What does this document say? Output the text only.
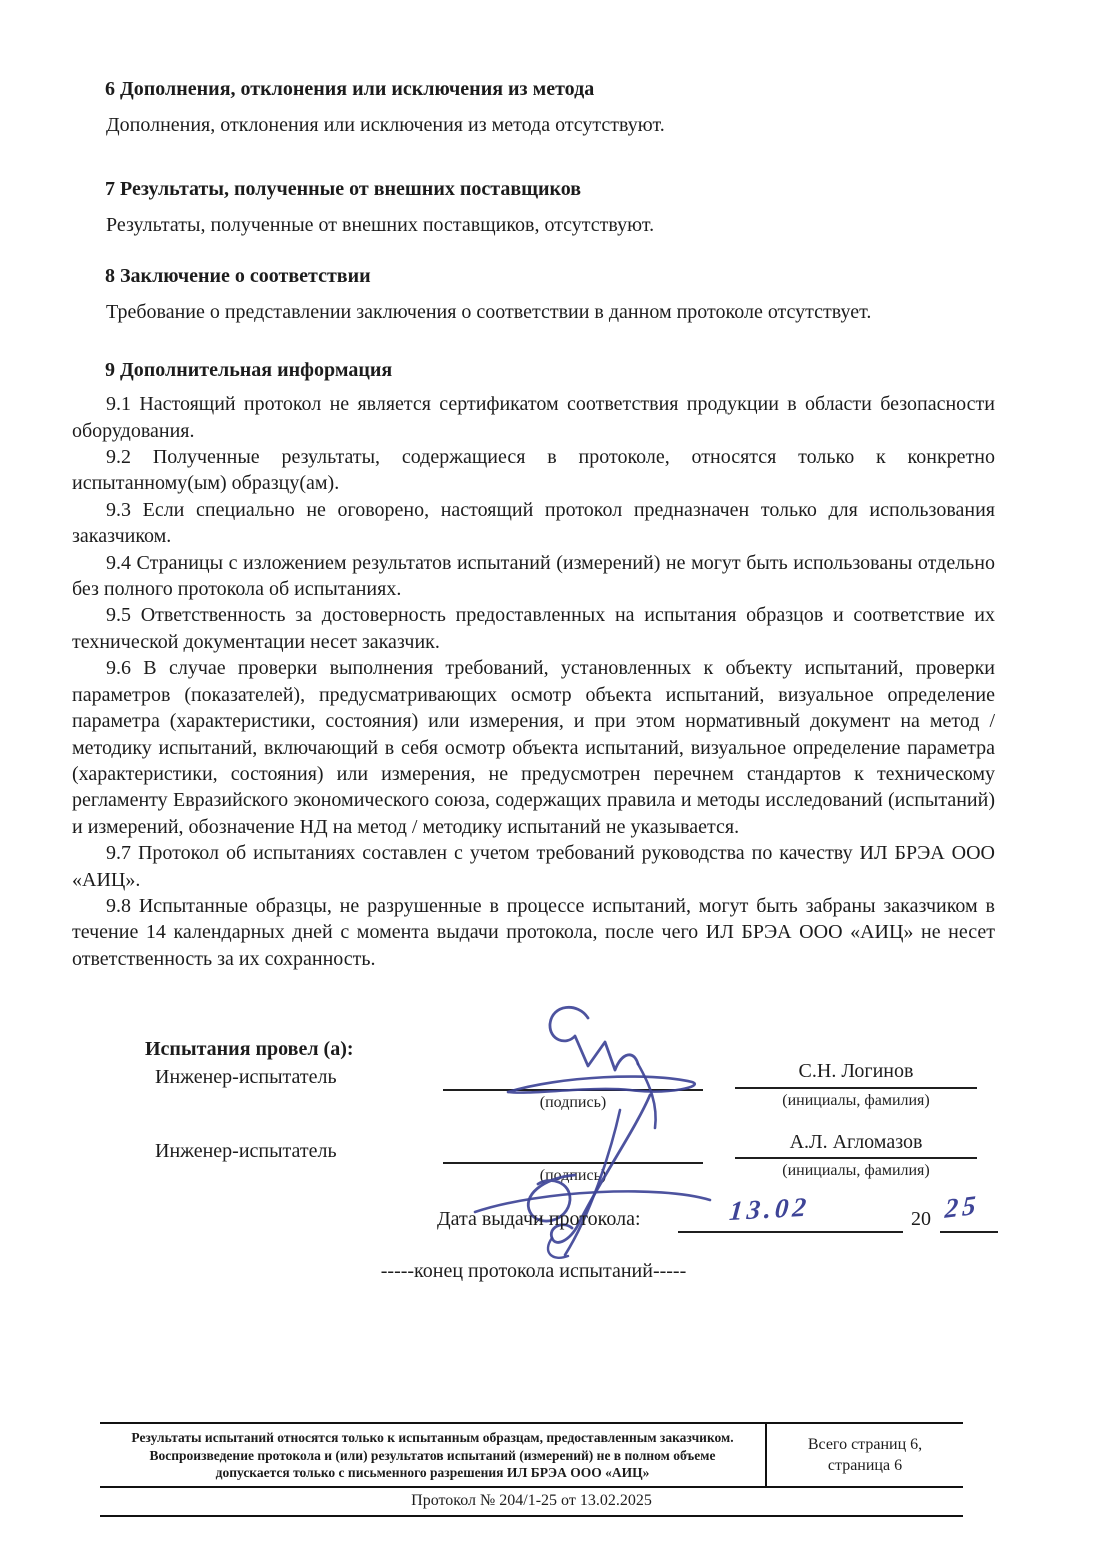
6 Дополнения, отклонения или исключения из метода

Дополнения, отклонения или исключения из метода отсутствуют.

7 Результаты, полученные от внешних поставщиков

Результаты, полученные от внешних поставщиков, отсутствуют.

8 Заключение о соответствии

Требование о представлении заключения о соответствии в данном протоколе отсутствует.

9 Дополнительная информация

9.1 Настоящий протокол не является сертификатом соответствия продукции в области безопасности оборудования.

9.2 Полученные результаты, содержащиеся в протоколе, относятся только к конкретно испытанному(ым) образцу(ам).

9.3 Если специально не оговорено, настоящий протокол предназначен только для использования заказчиком.

9.4 Страницы с изложением результатов испытаний (измерений) не могут быть использованы отдельно без полного протокола об испытаниях.

9.5 Ответственность за достоверность предоставленных на испытания образцов и соответствие их технической документации несет заказчик.

9.6 В случае проверки выполнения требований, установленных к объекту испытаний, проверки параметров (показателей), предусматривающих осмотр объекта испытаний, визуальное определение параметра (характеристики, состояния) или измерения, и при этом нормативный документ на метод / методику испытаний, включающий в себя осмотр объекта испытаний, визуальное определение параметра (характеристики, состояния) или измерения, не предусмотрен перечнем стандартов к техническому регламенту Евразийского экономического союза, содержащих правила и методы исследований (испытаний) и измерений, обозначение НД на метод / методику испытаний не указывается.

9.7 Протокол об испытаниях составлен с учетом требований руководства по качеству ИЛ БРЭА ООО «АИЦ».

9.8 Испытанные образцы, не разрушенные в процессе испытаний, могут быть забраны заказчиком в течение 14 календарных дней с момента выдачи протокола, после чего ИЛ БРЭА ООО «АИЦ» не несет ответственность за их сохранность.

Испытания провел (а):
Инженер-испытатель
(подпись)
С.Н. Логинов
(инициалы, фамилия)
Инженер-испытатель
(подпись)
А.Л. Агломазов
(инициалы, фамилия)
Дата выдачи протокола:	13.02	20 25
-----конец протокола испытаний-----
Результаты испытаний относятся только к испытанным образцам, предоставленным заказчиком. Воспроизведение протокола и (или) результатов испытаний (измерений) не в полном объеме допускается только с письменного разрешения ИЛ БРЭА ООО «АИЦ»
Всего страниц 6,
страница 6
Протокол № 204/1-25 от 13.02.2025
